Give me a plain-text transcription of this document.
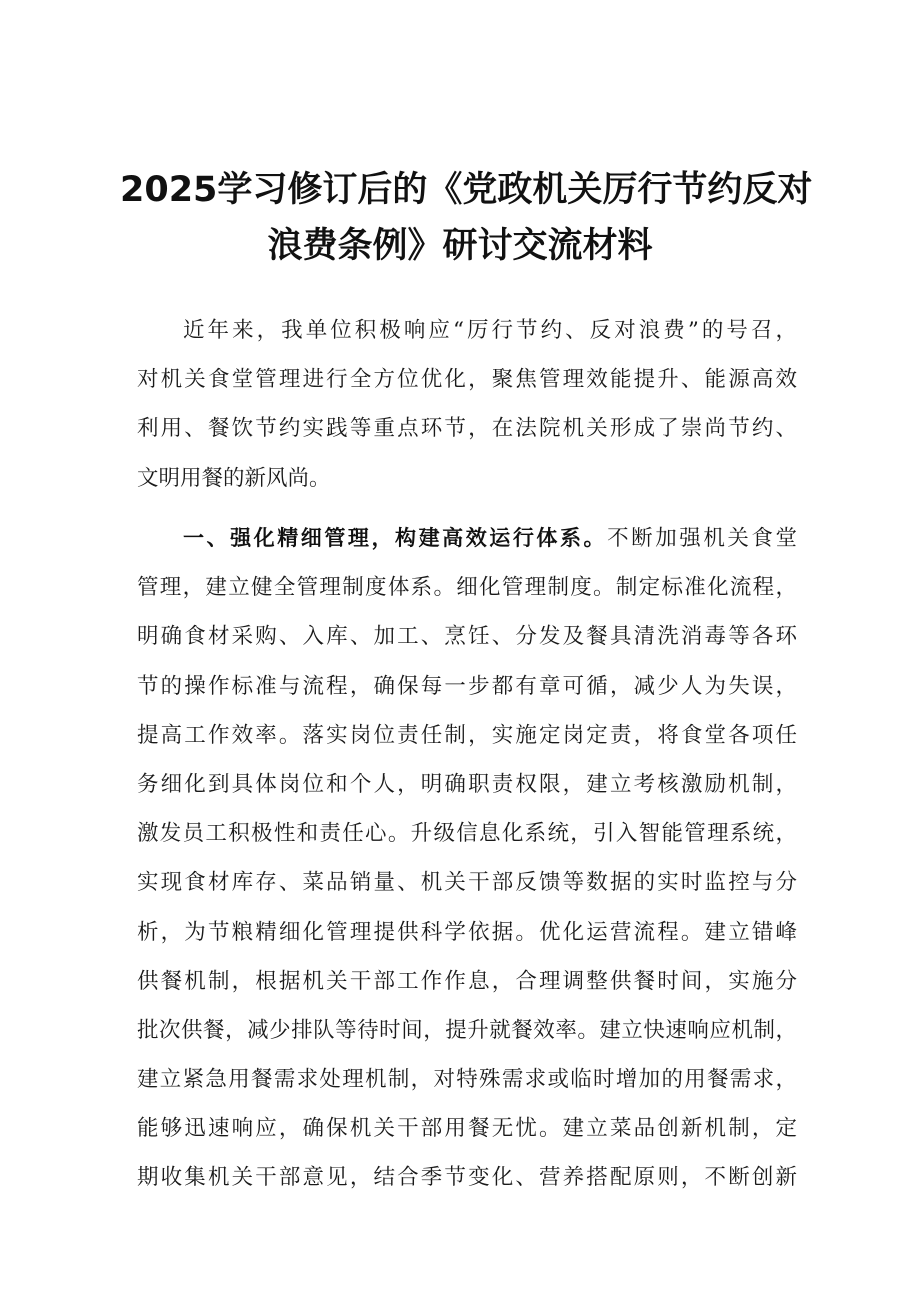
2025学习修订后的《党政机关厉行节约反对
浪费条例》研讨交流材料
近年来，我单位积极响应“厉行节约、反对浪费”的号召，
对机关食堂管理进行全方位优化，聚焦管理效能提升、能源高效
利用、餐饮节约实践等重点环节，在法院机关形成了崇尚节约、
文明用餐的新风尚。
一、强化精细管理，构建高效运行体系。不断加强机关食堂
管理，建立健全管理制度体系。细化管理制度。制定标准化流程，
明确食材采购、入库、加工、烹饪、分发及餐具清洗消毒等各环
节的操作标准与流程，确保每一步都有章可循，减少人为失误，
提高工作效率。落实岗位责任制，实施定岗定责，将食堂各项任
务细化到具体岗位和个人，明确职责权限，建立考核激励机制，
激发员工积极性和责任心。升级信息化系统，引入智能管理系统，
实现食材库存、菜品销量、机关干部反馈等数据的实时监控与分
析，为节粮精细化管理提供科学依据。优化运营流程。建立错峰
供餐机制，根据机关干部工作作息，合理调整供餐时间，实施分
批次供餐，减少排队等待时间，提升就餐效率。建立快速响应机制，
建立紧急用餐需求处理机制，对特殊需求或临时增加的用餐需求，
能够迅速响应，确保机关干部用餐无忧。建立菜品创新机制，定
期收集机关干部意见，结合季节变化、营养搭配原则，不断创新
